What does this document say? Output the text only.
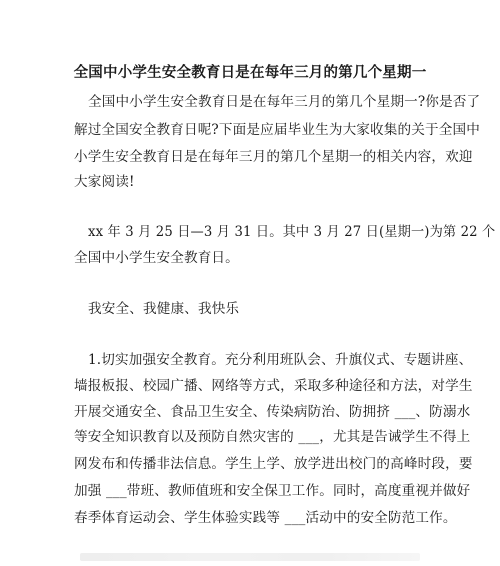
全国中小学生安全教育日是在每年三月的第几个星期一
全国中小学生安全教育日是在每年三月的第几个星期一?你是否了
解过全国安全教育日呢?下面是应届毕业生为大家收集的关于全国中
小学生安全教育日是在每年三月的第几个星期一的相关内容，欢迎
大家阅读!
xx 年 3 月 25 日—3 月 31 日。其中 3 月 27 日(星期一)为第 22 个
全国中小学生安全教育日。
我安全、我健康、我快乐
1.切实加强安全教育。充分利用班队会、升旗仪式、专题讲座、
墙报板报、校园广播、网络等方式，采取多种途径和方法，对学生
开展交通安全、食品卫生安全、传染病防治、防拥挤 ___、防溺水
等安全知识教育以及预防自然灾害的 ___，尤其是告诫学生不得上
网发布和传播非法信息。学生上学、放学进出校门的高峰时段，要
加强 ___带班、教师值班和安全保卫工作。同时，高度重视并做好
春季体育运动会、学生体验实践等 ___活动中的安全防范工作。
